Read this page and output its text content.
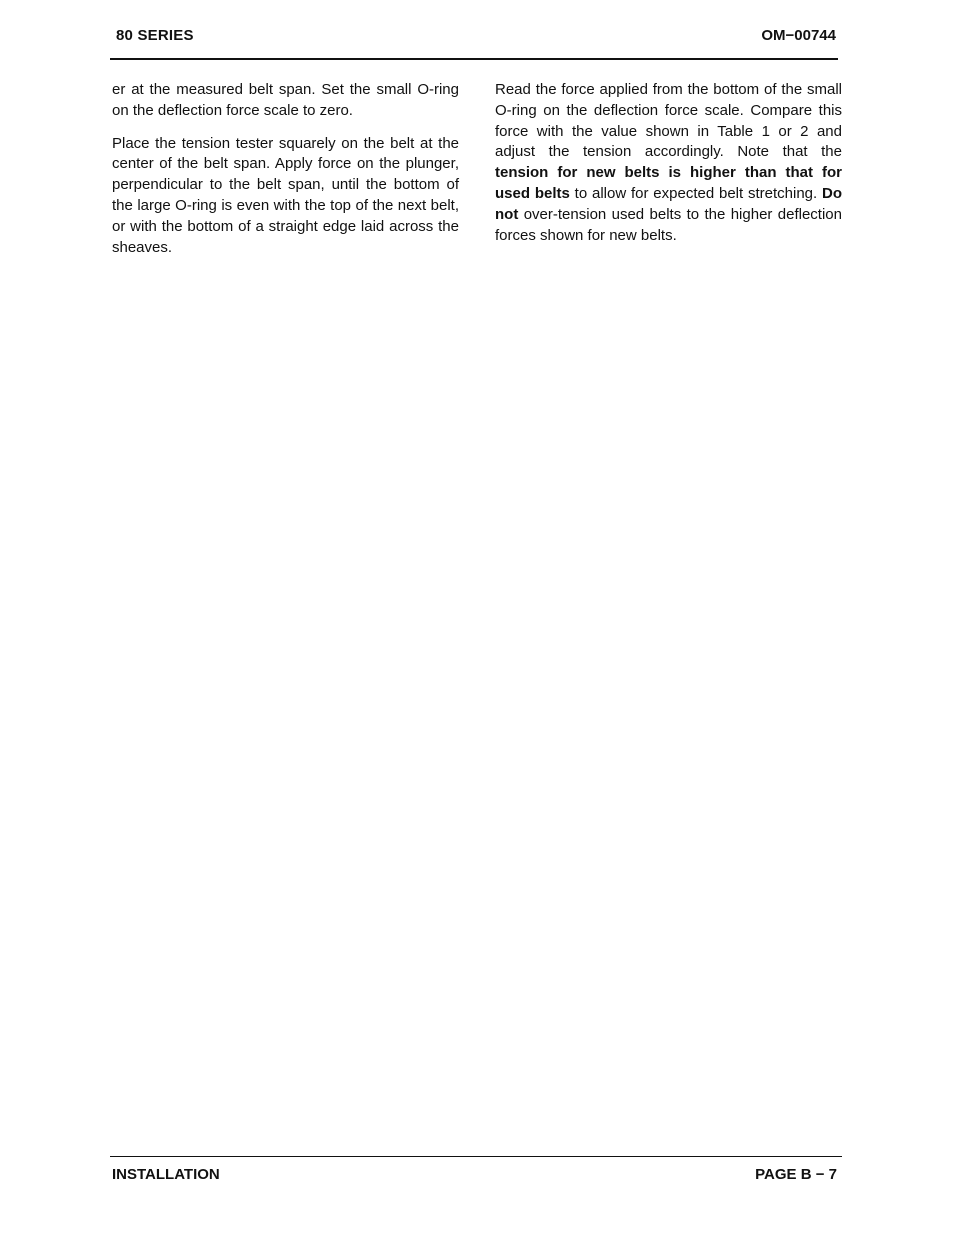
80 SERIES	OM−00744

er at the measured belt span. Set the small O-ring on the deflection force scale to zero.

Place the tension tester squarely on the belt at the center of the belt span. Apply force on the plunger, perpendicular to the belt span, until the bottom of the large O-ring is even with the top of the next belt, or with the bottom of a straight edge laid across the sheaves.

Read the force applied from the bottom of the small O-ring on the deflection force scale. Compare this force with the value shown in Table 1 or 2 and adjust the tension accordingly. Note that the tension for new belts is higher than that for used belts to allow for expected belt stretching. Do not over-tension used belts to the higher deflection forces shown for new belts.

INSTALLATION	PAGE B − 7
